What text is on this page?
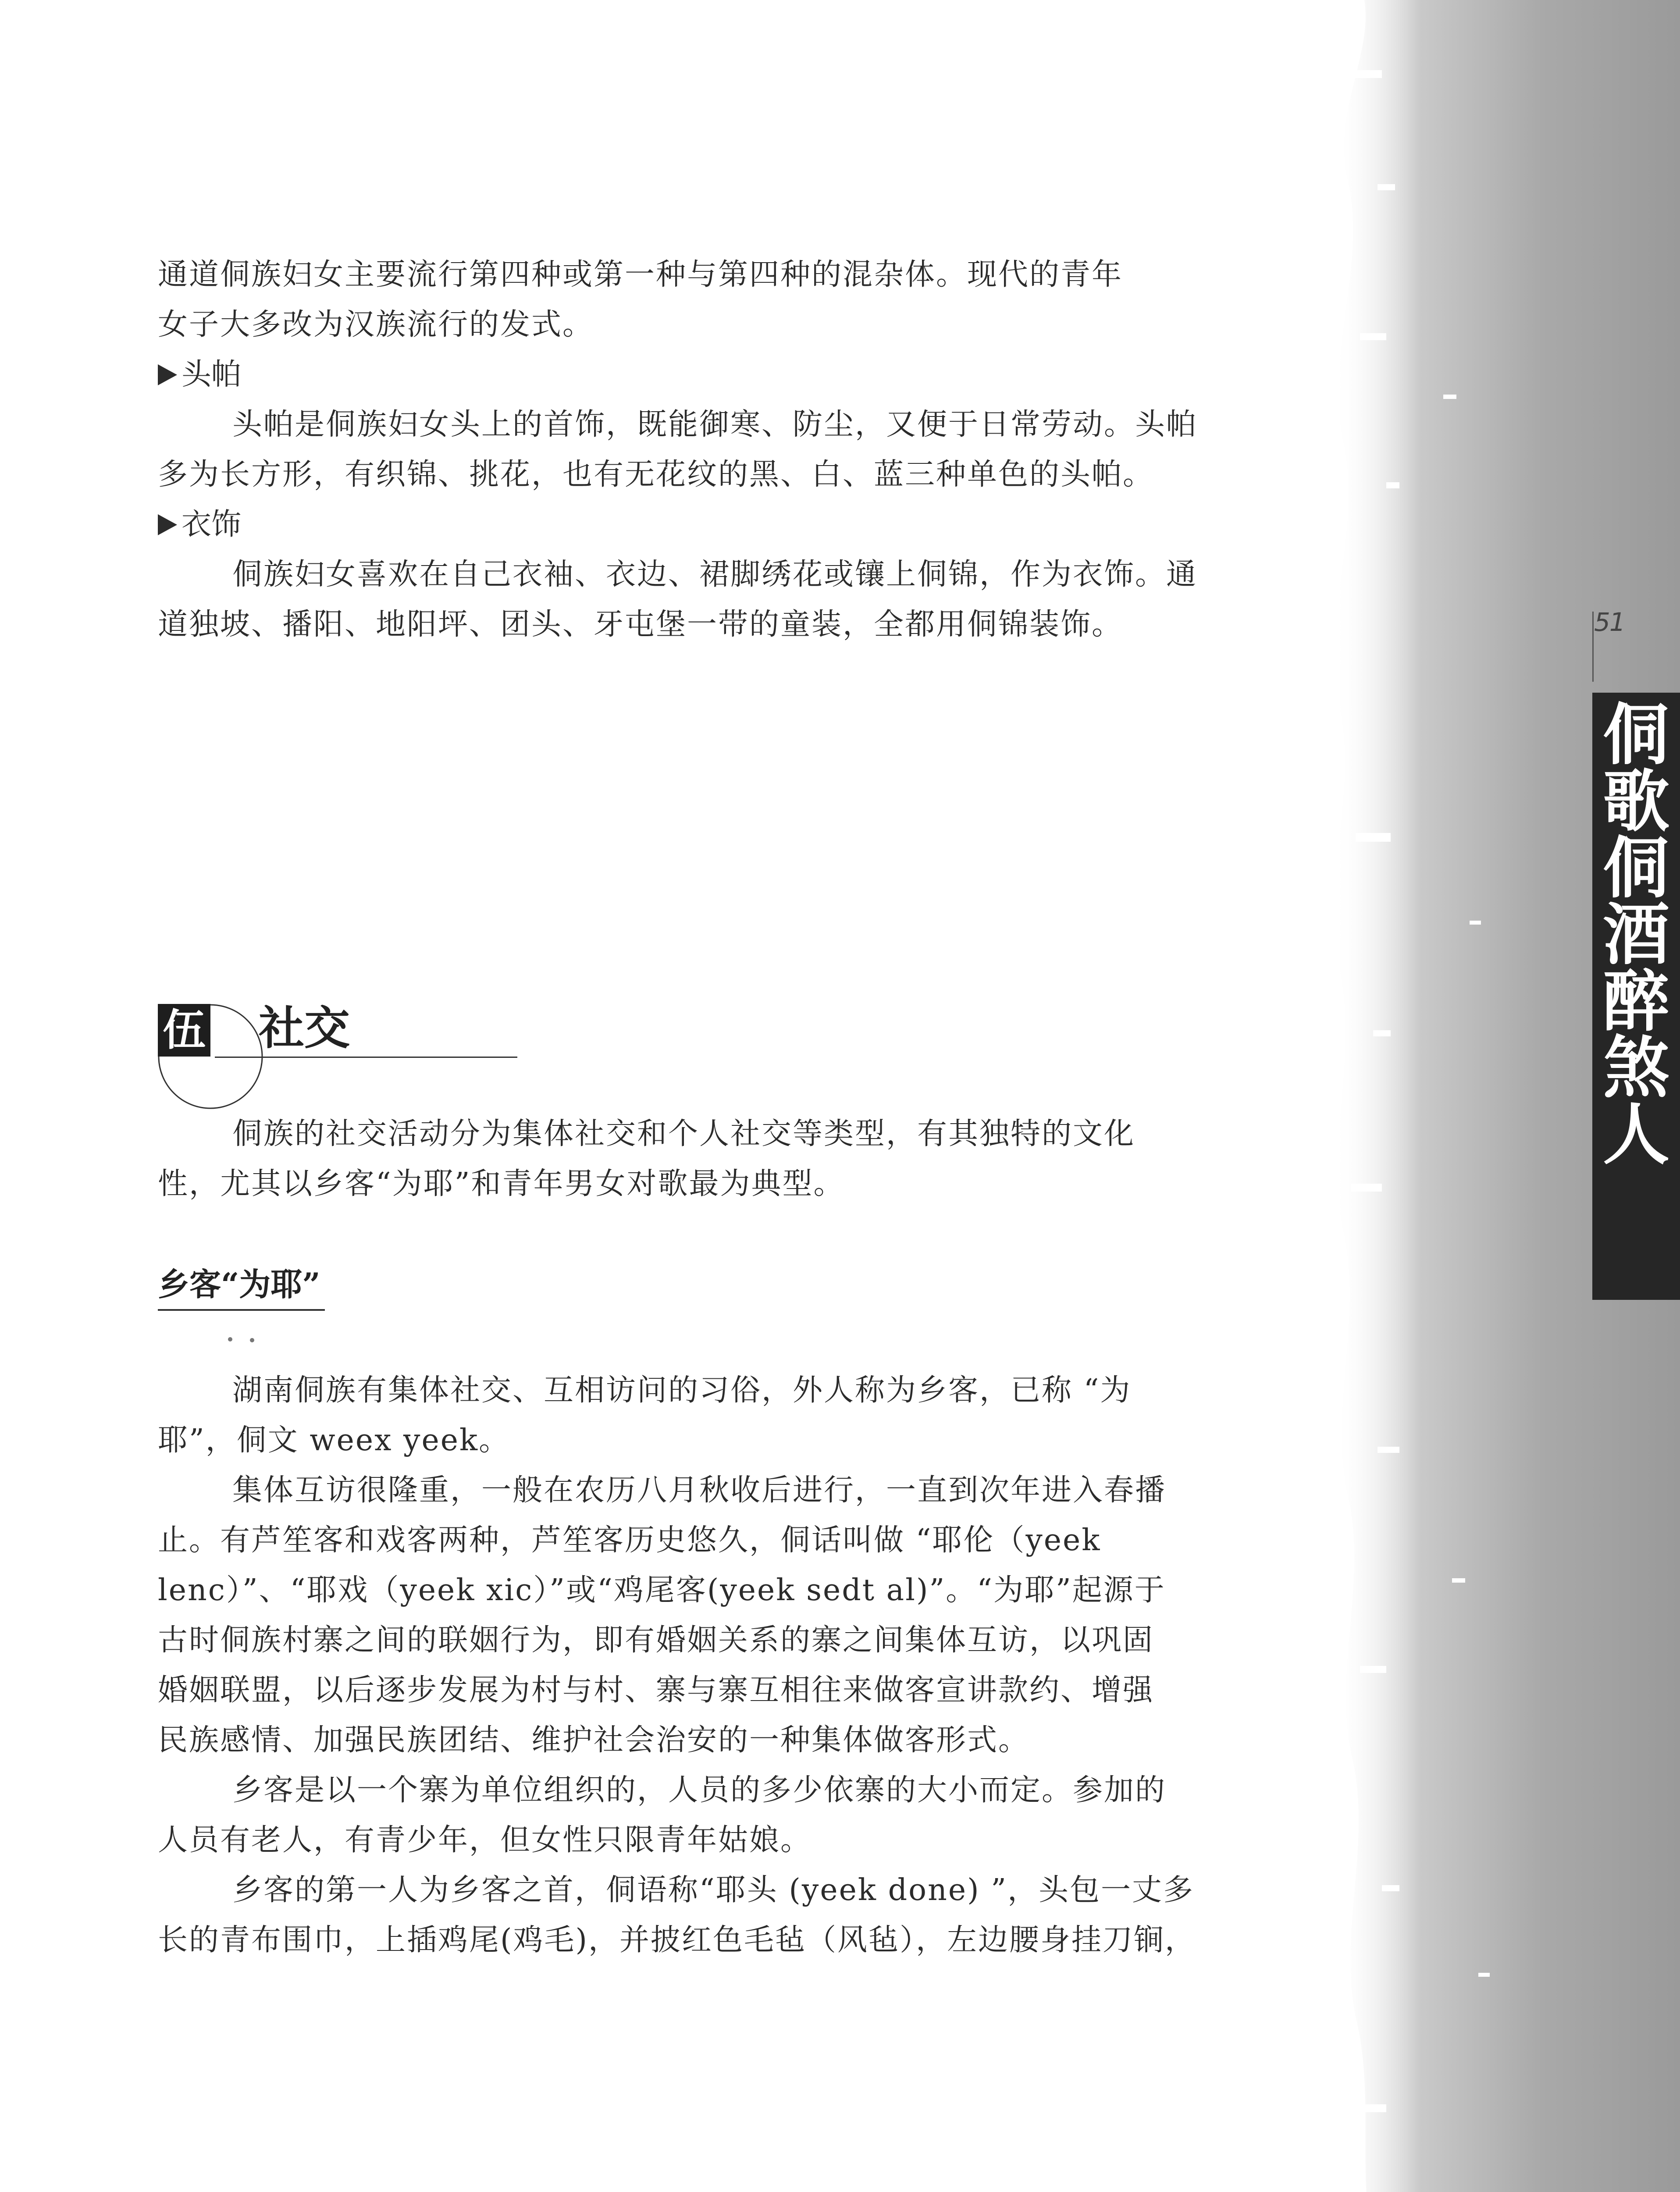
51
侗
歌
侗
酒
醉
煞
人

通道侗族妇女主要流行第四种或第一种与第四种的混杂体。现代的青年

女子大多改为汉族流行的发式。

头帕

头帕是侗族妇女头上的首饰，既能御寒、防尘，又便于日常劳动。头帕

多为长方形，有织锦、挑花，也有无花纹的黑、白、蓝三种单色的头帕。

衣饰

侗族妇女喜欢在自己衣袖、衣边、裙脚绣花或镶上侗锦，作为衣饰。通

道独坡、播阳、地阳坪、团头、牙屯堡一带的童装，全都用侗锦装饰。

伍 社交

侗族的社交活动分为集体社交和个人社交等类型，有其独特的文化

性，尤其以乡客“为耶”和青年男女对歌最为典型。

乡客“为耶”

湖南侗族有集体社交、互相访问的习俗，外人称为乡客，已称 “为

耶”，侗文 weex yeek。

集体互访很隆重，一般在农历八月秋收后进行，一直到次年进入春播

止。有芦笙客和戏客两种，芦笙客历史悠久，侗话叫做 “耶伦（yeek

lenc）”、“耶戏（yeek xic）”或“鸡尾客(yeek sedt al)”。“为耶”起源于

古时侗族村寨之间的联姻行为，即有婚姻关系的寨之间集体互访，以巩固

婚姻联盟，以后逐步发展为村与村、寨与寨互相往来做客宣讲款约、增强

民族感情、加强民族团结、维护社会治安的一种集体做客形式。

乡客是以一个寨为单位组织的，人员的多少依寨的大小而定。参加的

人员有老人，有青少年，但女性只限青年姑娘。

乡客的第一人为乡客之首，侗语称“耶头 (yeek done) ”，头包一丈多

长的青布围巾，上插鸡尾(鸡毛)，并披红色毛毡（风毡），左边腰身挂刀锏，
